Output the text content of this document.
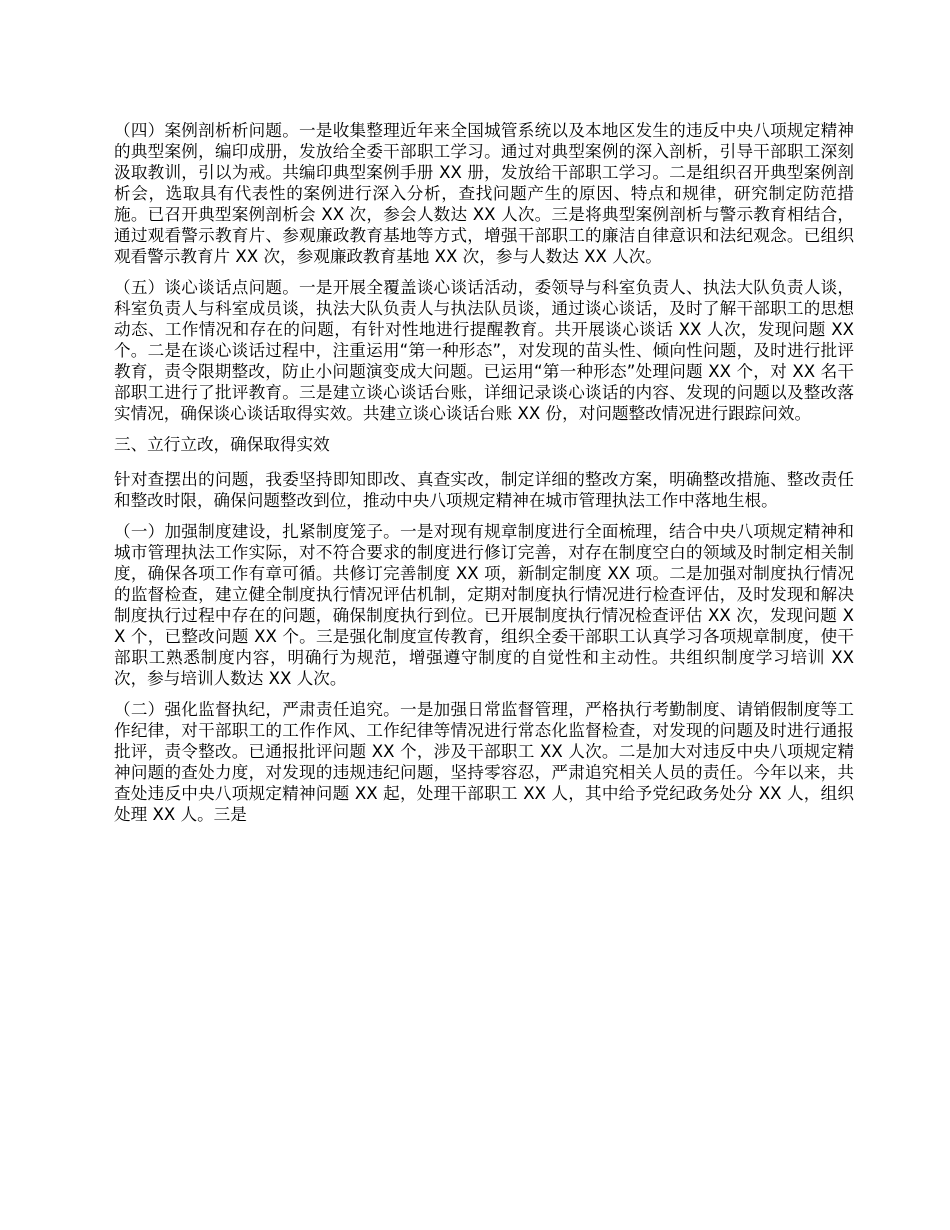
（四）案例剖析析问题。一是收集整理近年来全国城管系统以及本地区发生的违反中央八项规定精神的典型案例，编印成册，发放给全委干部职工学习。通过对典型案例的深入剖析，引导干部职工深刻汲取教训，引以为戒。共编印典型案例手册 XX 册，发放给干部职工学习。二是组织召开典型案例剖析会，选取具有代表性的案例进行深入分析，查找问题产生的原因、特点和规律，研究制定防范措施。已召开典型案例剖析会 XX 次，参会人数达 XX 人次。三是将典型案例剖析与警示教育相结合，通过观看警示教育片、参观廉政教育基地等方式，增强干部职工的廉洁自律意识和法纪观念。已组织观看警示教育片 XX 次，参观廉政教育基地 XX 次，参与人数达 XX 人次。

（五）谈心谈话点问题。一是开展全覆盖谈心谈话活动，委领导与科室负责人、执法大队负责人谈，科室负责人与科室成员谈，执法大队负责人与执法队员谈，通过谈心谈话，及时了解干部职工的思想动态、工作情况和存在的问题，有针对性地进行提醒教育。共开展谈心谈话 XX 人次，发现问题 XX 个。二是在谈心谈话过程中，注重运用“第一种形态”，对发现的苗头性、倾向性问题，及时进行批评教育，责令限期整改，防止小问题演变成大问题。已运用“第一种形态”处理问题 XX 个，对 XX 名干部职工进行了批评教育。三是建立谈心谈话台账，详细记录谈心谈话的内容、发现的问题以及整改落实情况，确保谈心谈话取得实效。共建立谈心谈话台账 XX 份，对问题整改情况进行跟踪问效。

三、立行立改，确保取得实效

针对查摆出的问题，我委坚持即知即改、真查实改，制定详细的整改方案，明确整改措施、整改责任和整改时限，确保问题整改到位，推动中央八项规定精神在城市管理执法工作中落地生根。

（一）加强制度建设，扎紧制度笼子。一是对现有规章制度进行全面梳理，结合中央八项规定精神和城市管理执法工作实际，对不符合要求的制度进行修订完善，对存在制度空白的领域及时制定相关制度，确保各项工作有章可循。共修订完善制度 XX 项，新制定制度 XX 项。二是加强对制度执行情况的监督检查，建立健全制度执行情况评估机制，定期对制度执行情况进行检查评估，及时发现和解决制度执行过程中存在的问题，确保制度执行到位。已开展制度执行情况检查评估 XX 次，发现问题 XX 个，已整改问题 XX 个。三是强化制度宣传教育，组织全委干部职工认真学习各项规章制度，使干部职工熟悉制度内容，明确行为规范，增强遵守制度的自觉性和主动性。共组织制度学习培训 XX 次，参与培训人数达 XX 人次。

（二）强化监督执纪，严肃责任追究。一是加强日常监督管理，严格执行考勤制度、请销假制度等工作纪律，对干部职工的工作作风、工作纪律等情况进行常态化监督检查，对发现的问题及时进行通报批评，责令整改。已通报批评问题 XX 个，涉及干部职工 XX 人次。二是加大对违反中央八项规定精神问题的查处力度，对发现的违规违纪问题，坚持零容忍，严肃追究相关人员的责任。今年以来，共查处违反中央八项规定精神问题 XX 起，处理干部职工 XX 人，其中给予党纪政务处分 XX 人，组织处理 XX 人。三是
